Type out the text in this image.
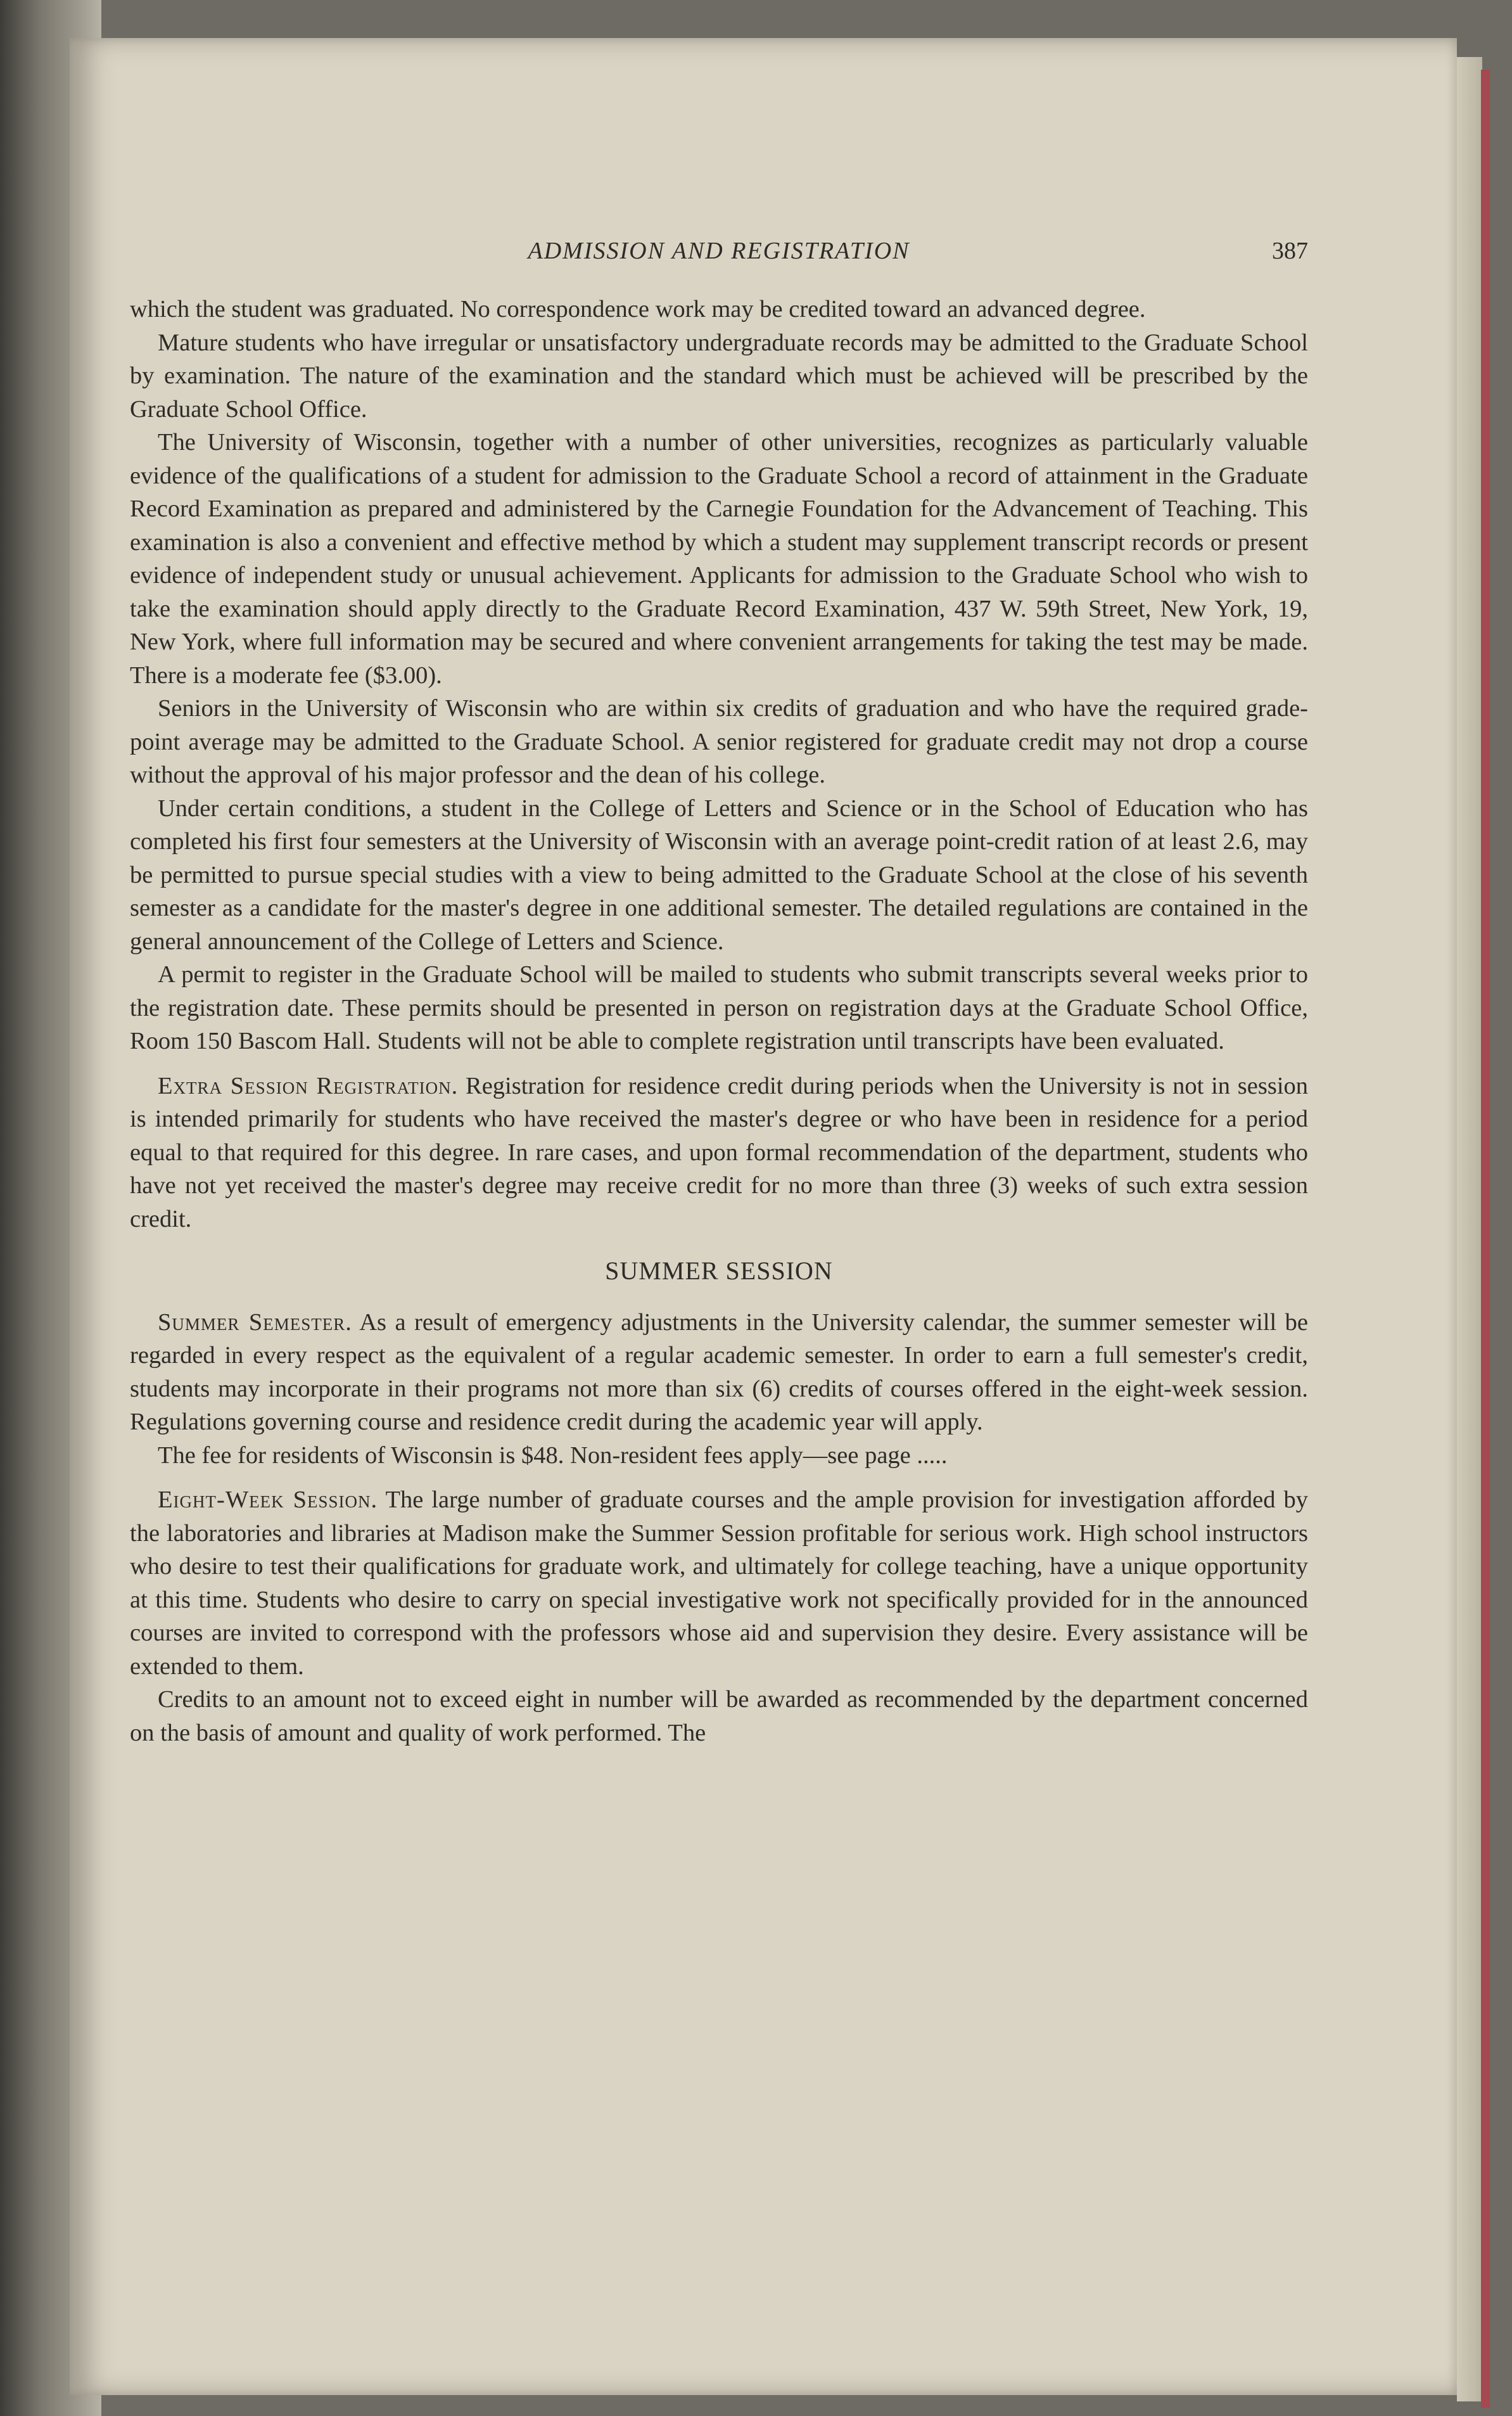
ADMISSION AND REGISTRATION	387

which the student was graduated. No correspondence work may be credited toward an advanced degree.

Mature students who have irregular or unsatisfactory undergraduate records may be admitted to the Graduate School by examination. The nature of the examination and the standard which must be achieved will be prescribed by the Graduate School Office.

The University of Wisconsin, together with a number of other universities, recognizes as particularly valuable evidence of the qualifications of a student for admission to the Graduate School a record of attainment in the Graduate Record Examination as prepared and administered by the Carnegie Foundation for the Advancement of Teaching. This examination is also a convenient and effective method by which a student may supplement transcript records or present evidence of independent study or unusual achievement. Applicants for admission to the Graduate School who wish to take the examination should apply directly to the Graduate Record Examination, 437 W. 59th Street, New York, 19, New York, where full information may be secured and where convenient arrangements for taking the test may be made. There is a moderate fee ($3.00).

Seniors in the University of Wisconsin who are within six credits of graduation and who have the required grade-point average may be admitted to the Graduate School. A senior registered for graduate credit may not drop a course without the approval of his major professor and the dean of his college.

Under certain conditions, a student in the College of Letters and Science or in the School of Education who has completed his first four semesters at the University of Wisconsin with an average point-credit ration of at least 2.6, may be permitted to pursue special studies with a view to being admitted to the Graduate School at the close of his seventh semester as a candidate for the master's degree in one additional semester. The detailed regulations are contained in the general announcement of the College of Letters and Science.

A permit to register in the Graduate School will be mailed to students who submit transcripts several weeks prior to the registration date. These permits should be presented in person on registration days at the Graduate School Office, Room 150 Bascom Hall. Students will not be able to complete registration until transcripts have been evaluated.

Extra Session Registration. Registration for residence credit during periods when the University is not in session is intended primarily for students who have received the master's degree or who have been in residence for a period equal to that required for this degree. In rare cases, and upon formal recommendation of the department, students who have not yet received the master's degree may receive credit for no more than three (3) weeks of such extra session credit.

SUMMER SESSION

Summer Semester. As a result of emergency adjustments in the University calendar, the summer semester will be regarded in every respect as the equivalent of a regular academic semester. In order to earn a full semester's credit, students may incorporate in their programs not more than six (6) credits of courses offered in the eight-week session. Regulations governing course and residence credit during the academic year will apply.

The fee for residents of Wisconsin is $48. Non-resident fees apply—see page .....

Eight-Week Session. The large number of graduate courses and the ample provision for investigation afforded by the laboratories and libraries at Madison make the Summer Session profitable for serious work. High school instructors who desire to test their qualifications for graduate work, and ultimately for college teaching, have a unique opportunity at this time. Students who desire to carry on special investigative work not specifically provided for in the announced courses are invited to correspond with the professors whose aid and supervision they desire. Every assistance will be extended to them.

Credits to an amount not to exceed eight in number will be awarded as recommended by the department concerned on the basis of amount and quality of work performed. The
